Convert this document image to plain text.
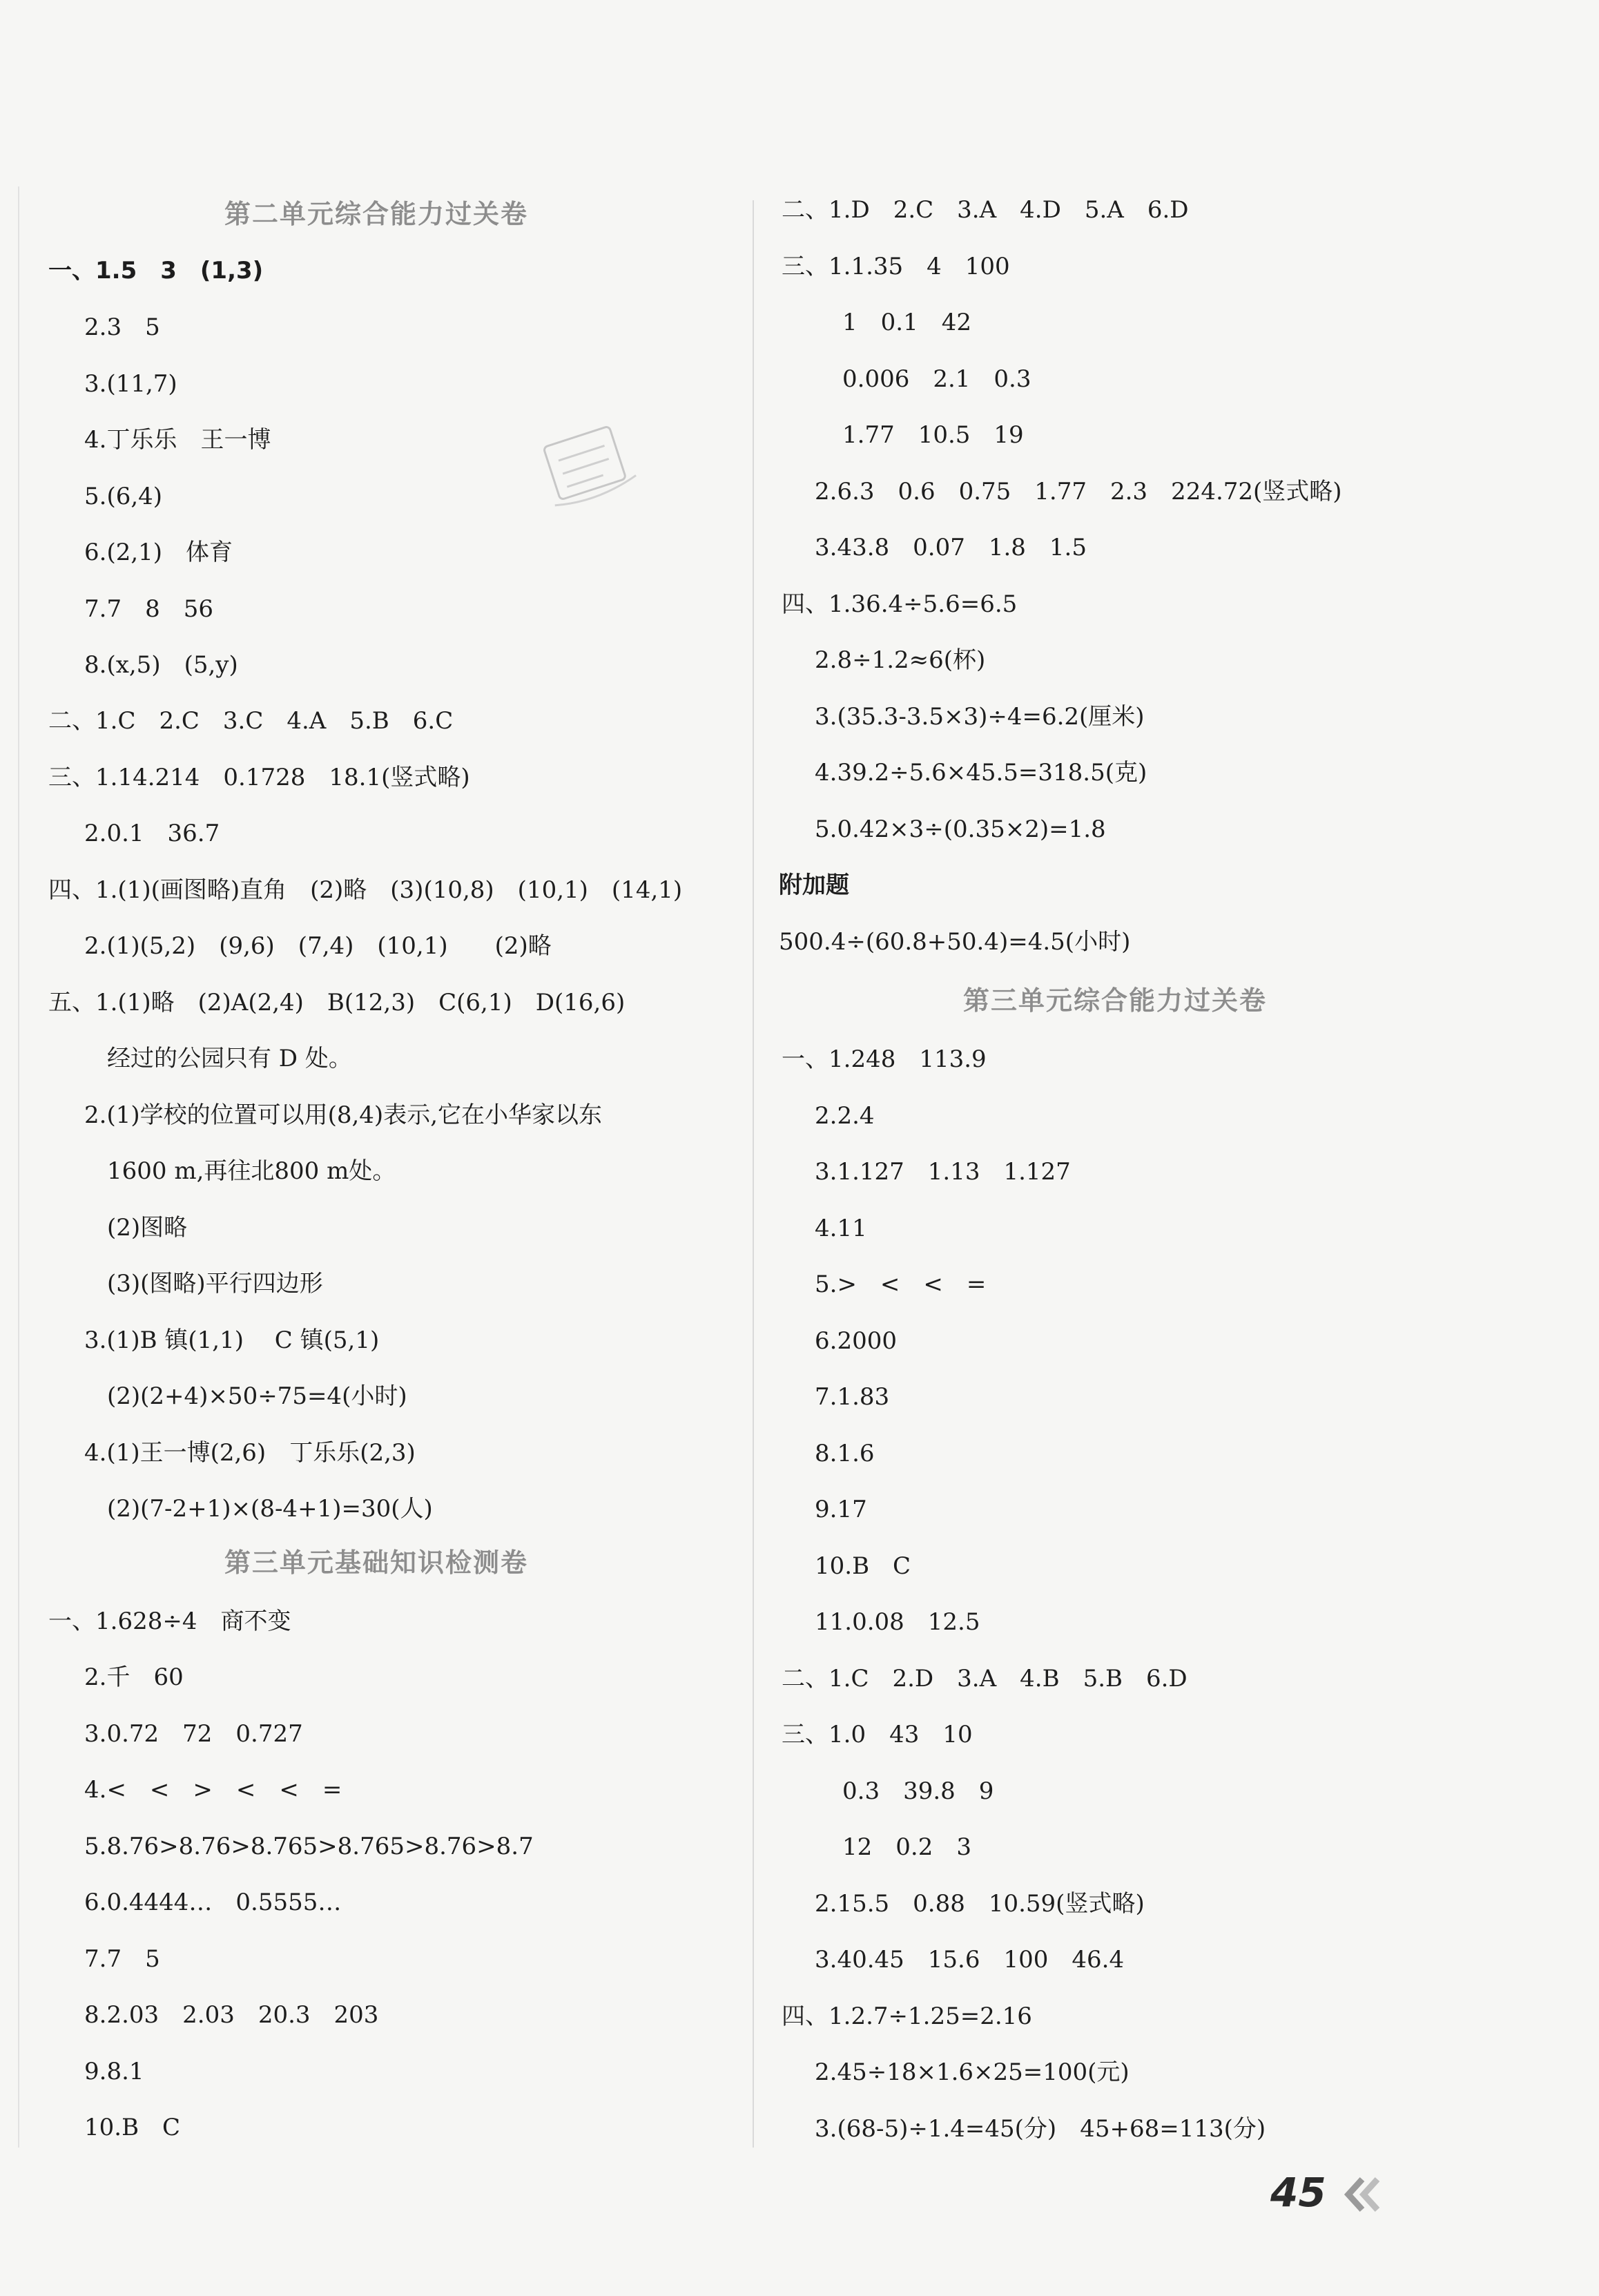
第二单元综合能力过关卷
一、1.5　3　(1,3)
2.3　5
3.(11,7)
4.丁乐乐　王一博
5.(6,4)
6.(2,1)　体育
7.7　8　56
8.(x,5)　(5,y)
二、1.C　2.C　3.C　4.A　5.B　6.C
三、1.14.214　0.1728　18.1(竖式略)
2.0.1　36.7
四、1.(1)(画图略)直角　(2)略　(3)(10,8)　(10,1)　(14,1)
2.(1)(5,2)　(9,6)　(7,4)　(10,1)　　(2)略
五、1.(1)略　(2)A(2,4)　B(12,3)　C(6,1)　D(16,6)
经过的公园只有 D 处。
2.(1)学校的位置可以用(8,4)表示,它在小华家以东
1600 m,再往北800 m处。
(2)图略
(3)(图略)平行四边形
3.(1)B 镇(1,1)　 C 镇(5,1)
(2)(2+4)×50÷75=4(小时)
4.(1)王一博(2,6)　丁乐乐(2,3)
(2)(7-2+1)×(8-4+1)=30(人)
第三单元基础知识检测卷
一、1.628÷4　商不变
2.千　60
3.0.72　72　0.727
4.<　<　>　<　<　=
5.8.76>8.76>8.765>8.765>8.76>8.7
6.0.4444…　0.5555…
7.7　5
8.2.03　2.03　20.3　203
9.8.1
10.B　C
二、1.D　2.C　3.A　4.D　5.A　6.D
三、1.1.35　4　100
1　0.1　42
0.006　2.1　0.3
1.77　10.5　19
2.6.3　0.6　0.75　1.77　2.3　224.72(竖式略)
3.43.8　0.07　1.8　1.5
四、1.36.4÷5.6=6.5
2.8÷1.2≈6(杯)
3.(35.3-3.5×3)÷4=6.2(厘米)
4.39.2÷5.6×45.5=318.5(克)
5.0.42×3÷(0.35×2)=1.8
附加题
500.4÷(60.8+50.4)=4.5(小时)
第三单元综合能力过关卷
一、1.248　113.9
2.2.4
3.1.127　1.13　1.127
4.11
5.>　<　<　=
6.2000
7.1.83
8.1.6
9.17
10.B　C
11.0.08　12.5
二、1.C　2.D　3.A　4.B　5.B　6.D
三、1.0　43　10
0.3　39.8　9
12　0.2　3
2.15.5　0.88　10.59(竖式略)
3.40.45　15.6　100　46.4
四、1.2.7÷1.25=2.16
2.45÷18×1.6×25=100(元)
3.(68-5)÷1.4=45(分)　45+68=113(分)
45
